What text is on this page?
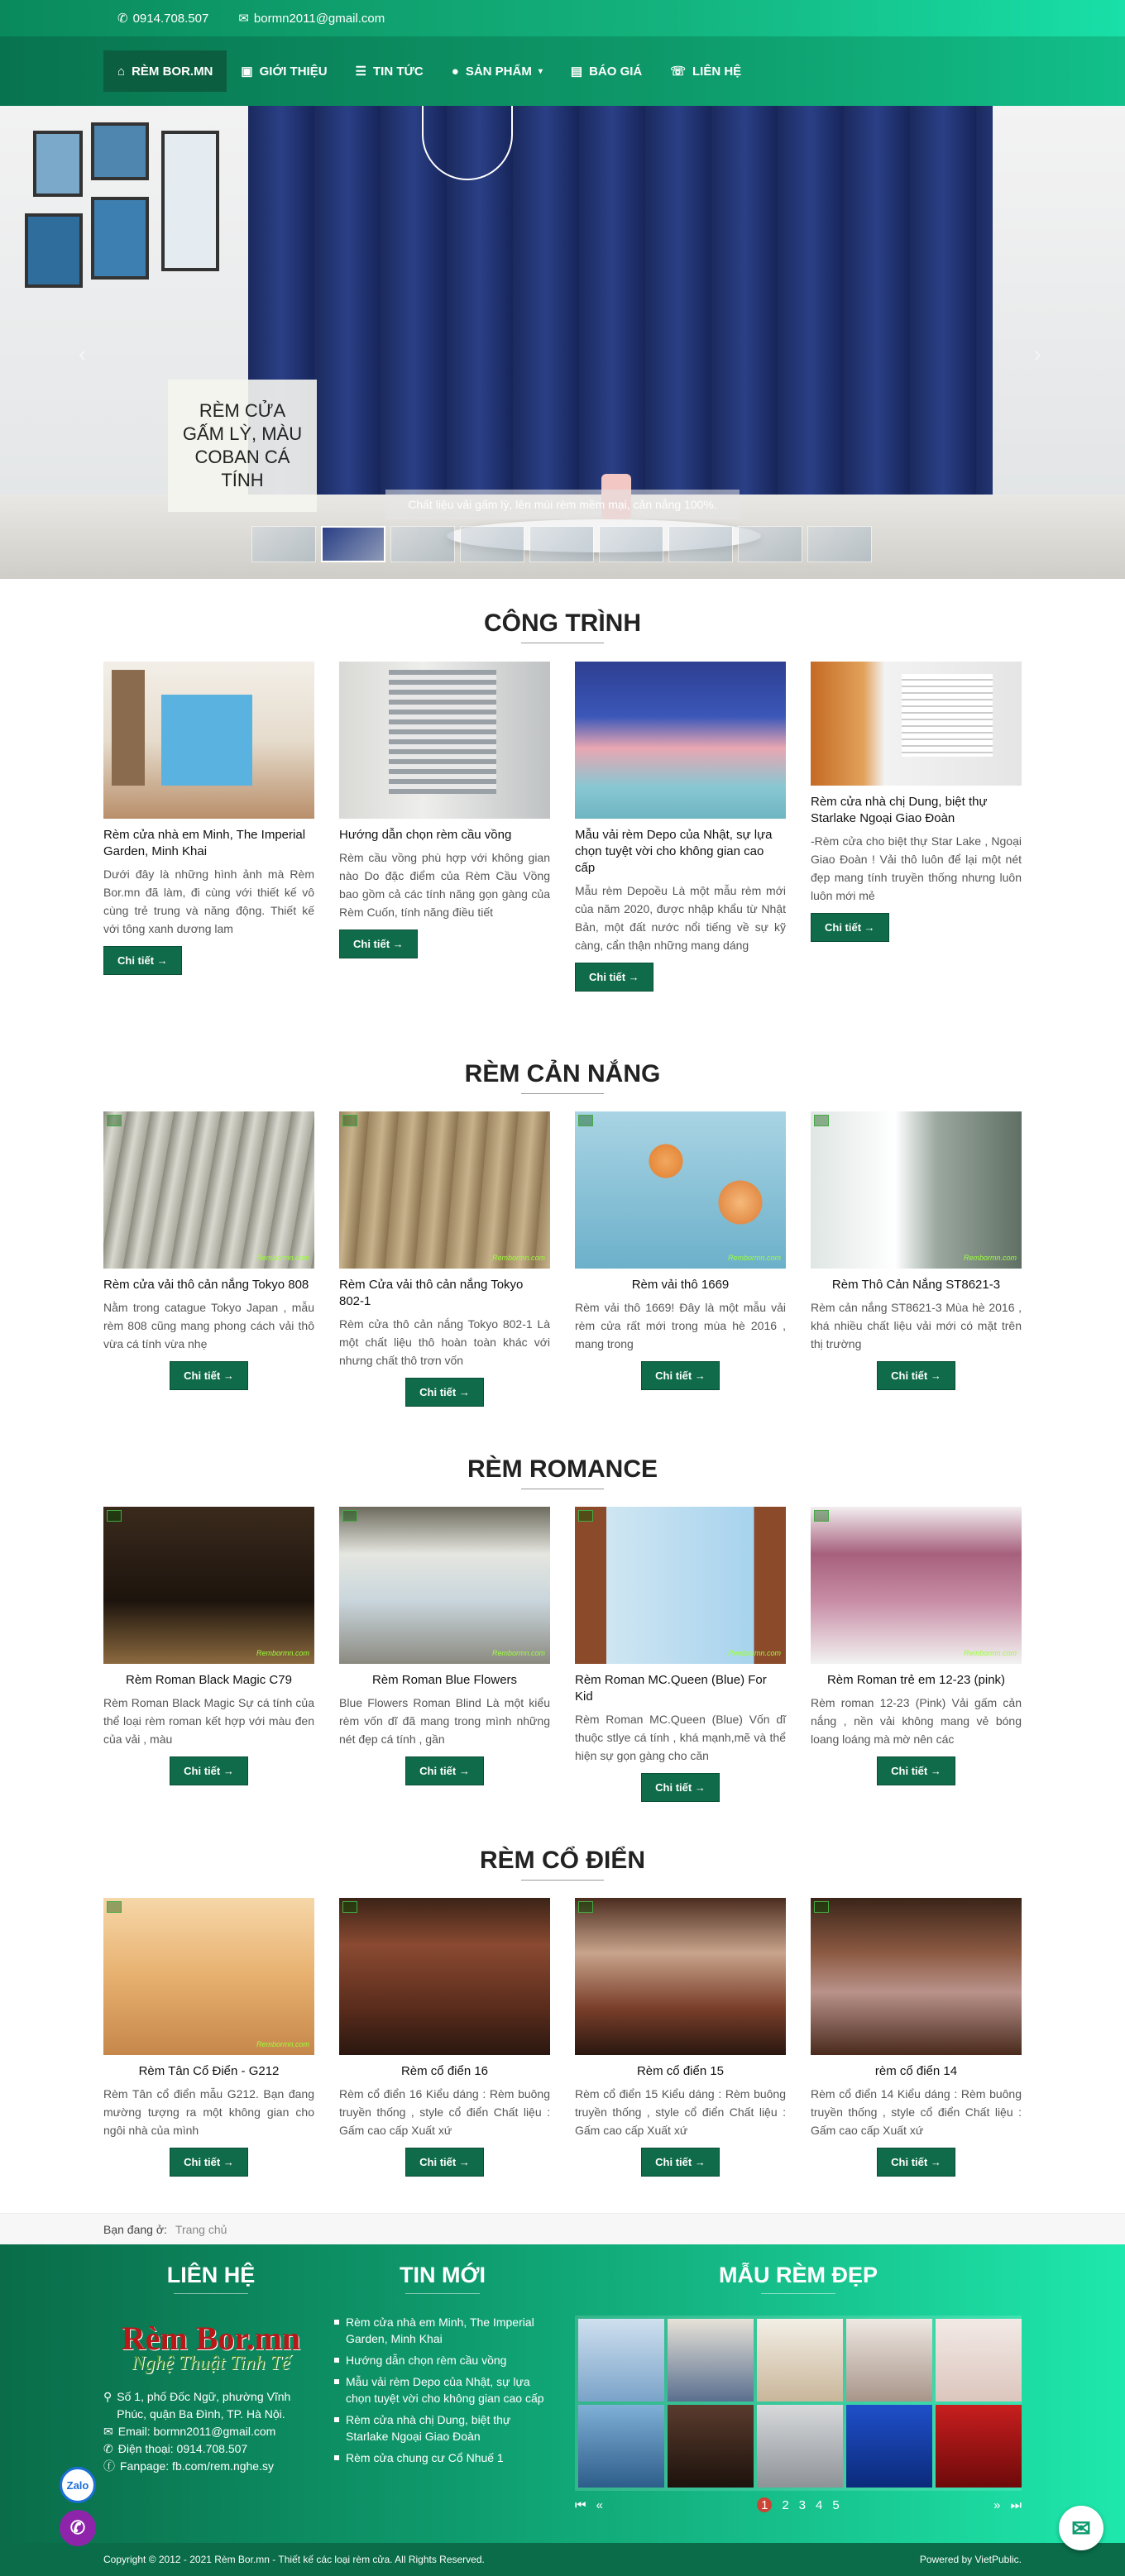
✆ 0914.708.507 ✉ bormn2011@gmail.com
⌂ RÈM BOR.MN ▣ GIỚI THIỆU ☰ TIN TỨC ● SẢN PHẨM ▾ ▤ BÁO GIÁ ☏ LIÊN HỆ
RÈM CỬA GẤM LỲ, MÀU COBAN CÁ TÍNH
Chất liệu vải gấm lỳ, lên mùi rèm mềm mại, cản nắng 100%.
‹	›
CÔNG TRÌNH
Rèm cửa nhà em Minh, The Imperial Garden, Minh Khai

Dưới đây là những hình ảnh mà Rèm Bor.mn đã làm, đi cùng với thiết kế vô cùng trẻ trung và năng động. Thiết kế với tông xanh dương lam

Chi tiết →
Hướng dẫn chọn rèm cầu vồng

Rèm cầu vồng phù hợp với không gian nào Do đặc điểm của Rèm Cầu Vồng bao gồm cả các tính năng gọn gàng của Rèm Cuốn, tính năng điều tiết

Chi tiết →
Mẫu vải rèm Depo của Nhật, sự lựa chọn tuyệt vời cho không gian cao cấp

Mẫu rèm Depoều Là một mẫu rèm mới của năm 2020, được nhập khẩu từ Nhật Bản, một đất nước nổi tiếng về sự kỹ càng, cẩn thận những mang dáng

Chi tiết →
Rèm cửa nhà chị Dung, biệt thự Starlake Ngoại Giao Đoàn

-Rèm cửa cho biệt thự Star Lake , Ngoại Giao Đoàn ! Vải thô luôn để lại một nét đẹp mang tính truyền thống nhưng luôn luôn mới mẻ

Chi tiết →
RÈM CẢN NẮNG
Rembormn.com
Rèm cửa vải thô cản nắng Tokyo 808

Nằm trong catague Tokyo Japan , mẫu rèm 808 cũng mang phong cách vải thô vừa cá tính vừa nhẹ

Chi tiết →
Rembormn.com
Rèm Cửa vải thô cản nắng Tokyo 802-1

Rèm cửa thô cản nắng Tokyo 802-1 Là một chất liệu thô hoàn toàn khác với nhưng chất thô trơn vốn

Chi tiết →
Rembormn.com
Rèm vải thô 1669

Rèm vải thô 1669! Đây là một mẫu vải rèm cửa rất mới trong mùa hè 2016 , mang trong

Chi tiết →
Rembormn.com
Rèm Thô Cản Nắng ST8621-3

Rèm cản nắng ST8621-3 Mùa hè 2016 , khá nhiều chất liệu vải mới có mặt trên thị trường

Chi tiết →
RÈM ROMANCE
Rembormn.com
Rèm Roman Black Magic C79

Rèm Roman Black Magic Sự cá tính của thể loại rèm roman kết hợp với màu đen của vải , màu

Chi tiết →
Rembormn.com
Rèm Roman Blue Flowers

Blue Flowers Roman Blind Là một kiểu rèm vốn dĩ đã mang trong mình những nét đẹp cá tính , gần

Chi tiết →
Rembormn.com
Rèm Roman MC.Queen (Blue) For Kid

Rèm Roman MC.Queen (Blue) Vốn dĩ thuộc stlye cá tính , khá mạnh,mẽ và thể hiện sự gọn gàng cho căn

Chi tiết →
Rembormn.com
Rèm Roman trẻ em 12-23 (pink)

Rèm roman 12-23 (Pink) Vải gấm cản nắng , nền vải không mang vẻ bóng loang loáng mà mờ nên các

Chi tiết →
RÈM CỔ ĐIỂN
Rembormn.com
Rèm Tân Cổ Điển - G212

Rèm Tân cổ điển mẫu G212. Bạn đang mường tượng ra một không gian cho ngôi nhà của mình

Chi tiết →
Rèm cổ điển 16

Rèm cổ điển 16 Kiểu dáng : Rèm buông truyền thống , style cổ điển Chất liệu : Gấm cao cấp Xuất xứ

Chi tiết →
Rèm cổ điển 15

Rèm cổ điển 15 Kiểu dáng : Rèm buông truyền thống , style cổ điển Chất liệu : Gấm cao cấp Xuất xứ

Chi tiết →
rèm cổ điển 14

Rèm cổ điển 14 Kiểu dáng : Rèm buông truyền thống , style cổ điển Chất liệu : Gấm cao cấp Xuất xứ

Chi tiết →
Bạn đang ở: Trang chủ
LIÊN HỆ
Rèm Bor.mn
Nghệ Thuật Tinh Tế
⚲ Số 1, phố Đốc Ngữ, phường Vĩnh Phúc, quận Ba Đình, TP. Hà Nội.
✉ Email: bormn2011@gmail.com
✆ Điện thoại: 0914.708.507
ⓕ Fanpage: fb.com/rem.nghe.sy
TIN MỚI
Rèm cửa nhà em Minh, The Imperial Garden, Minh Khai
Hướng dẫn chọn rèm cầu vồng
Mẫu vải rèm Depo của Nhật, sự lựa chọn tuyệt vời cho không gian cao cấp
Rèm cửa nhà chị Dung, biệt thự Starlake Ngoại Giao Đoàn
Rèm cửa chung cư Cổ Nhuế 1
MẪU RÈM ĐẸP
⏮ «	1	2 3 4 5	» ⏭
Copyright © 2012 - 2021 Rèm Bor.mn - Thiết kế các loại rèm cửa. All Rights Reserved.	Powered by VietPublic.
Zalo
✆	✉
